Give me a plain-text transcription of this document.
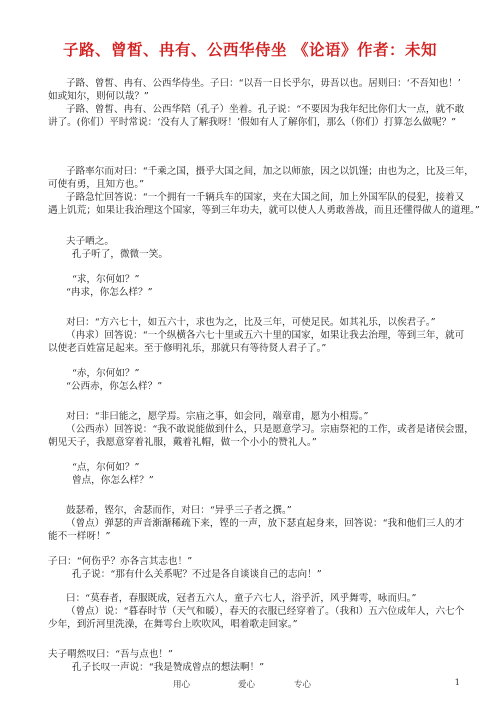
子路、曾皙、冉有、公西华侍坐 《论语》作者：未知
子路、曾皙、冉有、公西华侍坐。子曰：“以吾一日长乎尔，毋吾以也。居则曰：‘不吾知也！’
如或知尔，则何以哉？”
子路、曾皙、冉有、公西华陪（孔子）坐着。孔子说：“不要因为我年纪比你们大一点，就不敢
讲了。(你们）平时常说：‘没有人了解我呀！’假如有人了解你们，那么（你们）打算怎么做呢？”
子路率尔而对曰：“千乘之国，摄乎大国之间，加之以师旅，因之以饥馑；由也为之，比及三年，
可使有勇，且知方也。”
子路急忙回答说：“一个拥有一千辆兵车的国家，夹在大国之间，加上外国军队的侵犯，接着又
遇上饥荒；如果让我治理这个国家，等到三年功夫，就可以使人人勇敢善战，而且还懂得做人的道理。”
夫子哂之。
孔子听了，微微一笑。
“求，尔何如？”
“冉求，你怎么样？”
对曰：“方六七十，如五六十，求也为之，比及三年，可使足民。如其礼乐，以俟君子。”
（冉求）回答说：“一个纵横各六七十里或五六十里的国家，如果让我去治理，等到三年，就可
以使老百姓富足起来。至于修明礼乐，那就只有等待贤人君子了。”
“赤，尔何如？”
“公西赤，你怎么样？”
对曰：“非曰能之，愿学焉。宗庙之事，如会同，端章甫，愿为小相焉。”
（公西赤）回答说：“我不敢说能做到什么，只是愿意学习。宗庙祭祀的工作，或者是诸侯会盟，
朝见天子，我愿意穿着礼服，戴着礼帽，做一个小小的赞礼人。”
“点，尔何如？”
曾点，你怎么样？”
鼓瑟希，铿尔，舍瑟而作，对曰：“异乎三子者之撰。”
（曾点）弹瑟的声音渐渐稀疏下来，铿的一声，放下瑟直起身来，回答说：“我和他们三人的才
能不一样呀！”
子曰：“何伤乎？亦各言其志也！”
孔子说：“那有什么关系呢？不过是各自谈谈自己的志向！”
曰：“莫春者，春服既成，冠者五六人，童子六七人，浴乎沂，风乎舞雩，咏而归。”
（曾点）说：“暮春时节（天气和暖），春天的衣服已经穿着了。（我和）五六位成年人，六七个
少年，到沂河里洗澡，在舞雩台上吹吹风，唱着歌走回家。”
夫子喟然叹曰：“吾与点也！”
孔子长叹一声说：“我是赞成曾点的想法啊！”
用心	爱心	专心	1
